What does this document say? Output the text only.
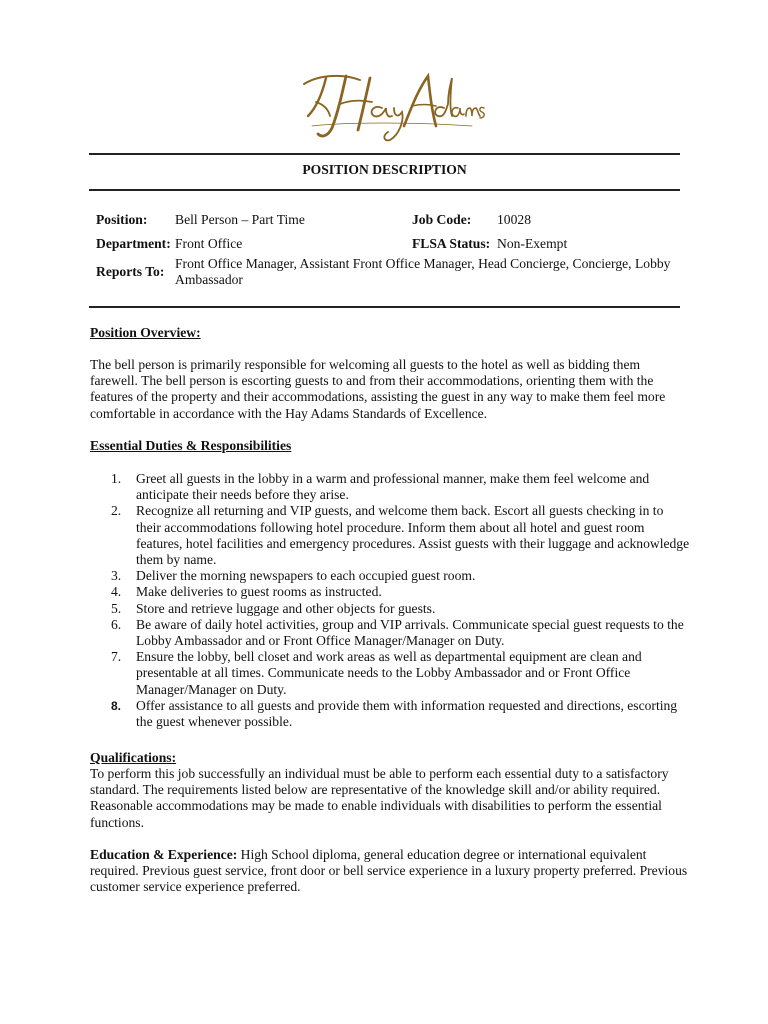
POSITION DESCRIPTION
Position: Bell Person – Part Time	Job Code: 10028
Department: Front Office	FLSA Status: Non-Exempt
Reports To:
Front Office Manager, Assistant Front Office Manager, Head Concierge, Concierge, Lobby Ambassador
Position Overview:

The bell person is primarily responsible for welcoming all guests to the hotel as well as bidding them farewell. The bell person is escorting guests to and from their accommodations, orienting them with the features of the property and their accommodations, assisting the guest in any way to make them feel more comfortable in accordance with the Hay Adams Standards of Excellence.

Essential Duties & Responsibilities
1. Greet all guests in the lobby in a warm and professional manner, make them feel welcome and anticipate their needs before they arise.
2. Recognize all returning and VIP guests, and welcome them back. Escort all guests checking in to their accommodations following hotel procedure. Inform them about all hotel and guest room features, hotel facilities and emergency procedures. Assist guests with their luggage and acknowledge them by name.
3. Deliver the morning newspapers to each occupied guest room.
4. Make deliveries to guest rooms as instructed.
5. Store and retrieve luggage and other objects for guests.
6. Be aware of daily hotel activities, group and VIP arrivals. Communicate special guest requests to the Lobby Ambassador and or Front Office Manager/Manager on Duty.
7. Ensure the lobby, bell closet and work areas as well as departmental equipment are clean and presentable at all times. Communicate needs to the Lobby Ambassador and or Front Office Manager/Manager on Duty.
8. Offer assistance to all guests and provide them with information requested and directions, escorting the guest whenever possible.
Qualifications:

To perform this job successfully an individual must be able to perform each essential duty to a satisfactory standard. The requirements listed below are representative of the knowledge skill and/or ability required. Reasonable accommodations may be made to enable individuals with disabilities to perform the essential functions.

Education & Experience: High School diploma, general education degree or international equivalent required. Previous guest service, front door or bell service experience in a luxury property preferred. Previous customer service experience preferred.
